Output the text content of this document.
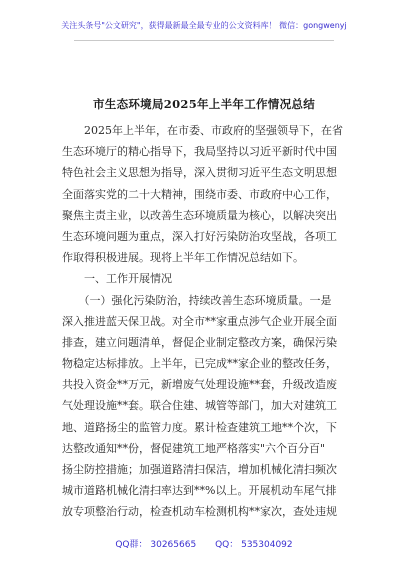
关注头条号"公文研究"，获得最新最全最专业的公文资料库！ 微信：gongwenyj
市生态环境局2025年上半年工作情况总结
　　2025年上半年，在市委、市政府的坚强领导下，在省
生态环境厅的精心指导下，我局坚持以习近平新时代中国
特色社会主义思想为指导，深入贯彻习近平生态文明思想
全面落实党的二十大精神，围绕市委、市政府中心工作，
聚焦主责主业，以改善生态环境质量为核心，以解决突出
生态环境问题为重点，深入打好污染防治攻坚战，各项工
作取得积极进展。现将上半年工作情况总结如下。
　　一、工作开展情况
　　（一）强化污染防治，持续改善生态环境质量。一是
深入推进蓝天保卫战。对全市**家重点涉气企业开展全面
排查，建立问题清单，督促企业制定整改方案，确保污染
物稳定达标排放。上半年，已完成**家企业的整改任务，
共投入资金**万元，新增废气处理设施**套，升级改造废
气处理设施**套。联合住建、城管等部门，加大对建筑工
地、道路扬尘的监管力度。累计检查建筑工地**个次，下
达整改通知**份，督促建筑工地严格落实"六个百分百"
扬尘防控措施；加强道路清扫保洁，增加机械化清扫频次
城市道路机械化清扫率达到**%以上。开展机动车尾气排
放专项整治行动，检查机动车检测机构**家次，查处违规
QQ群： 30265665 QQ： 535304092
